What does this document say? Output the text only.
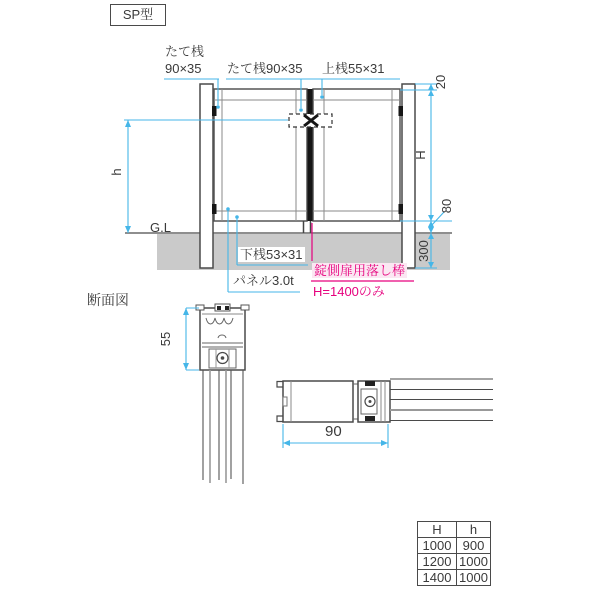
SP型
たて桟
90×35 たて桟90×35 上桟55×31
G.L
下桟53×31
パネル3.0t
錠側扉用落し棒
H=1400のみ
h
20
H
80
300
断面図
55
90
H	h
1000	900
1200	1000
1400	1000
